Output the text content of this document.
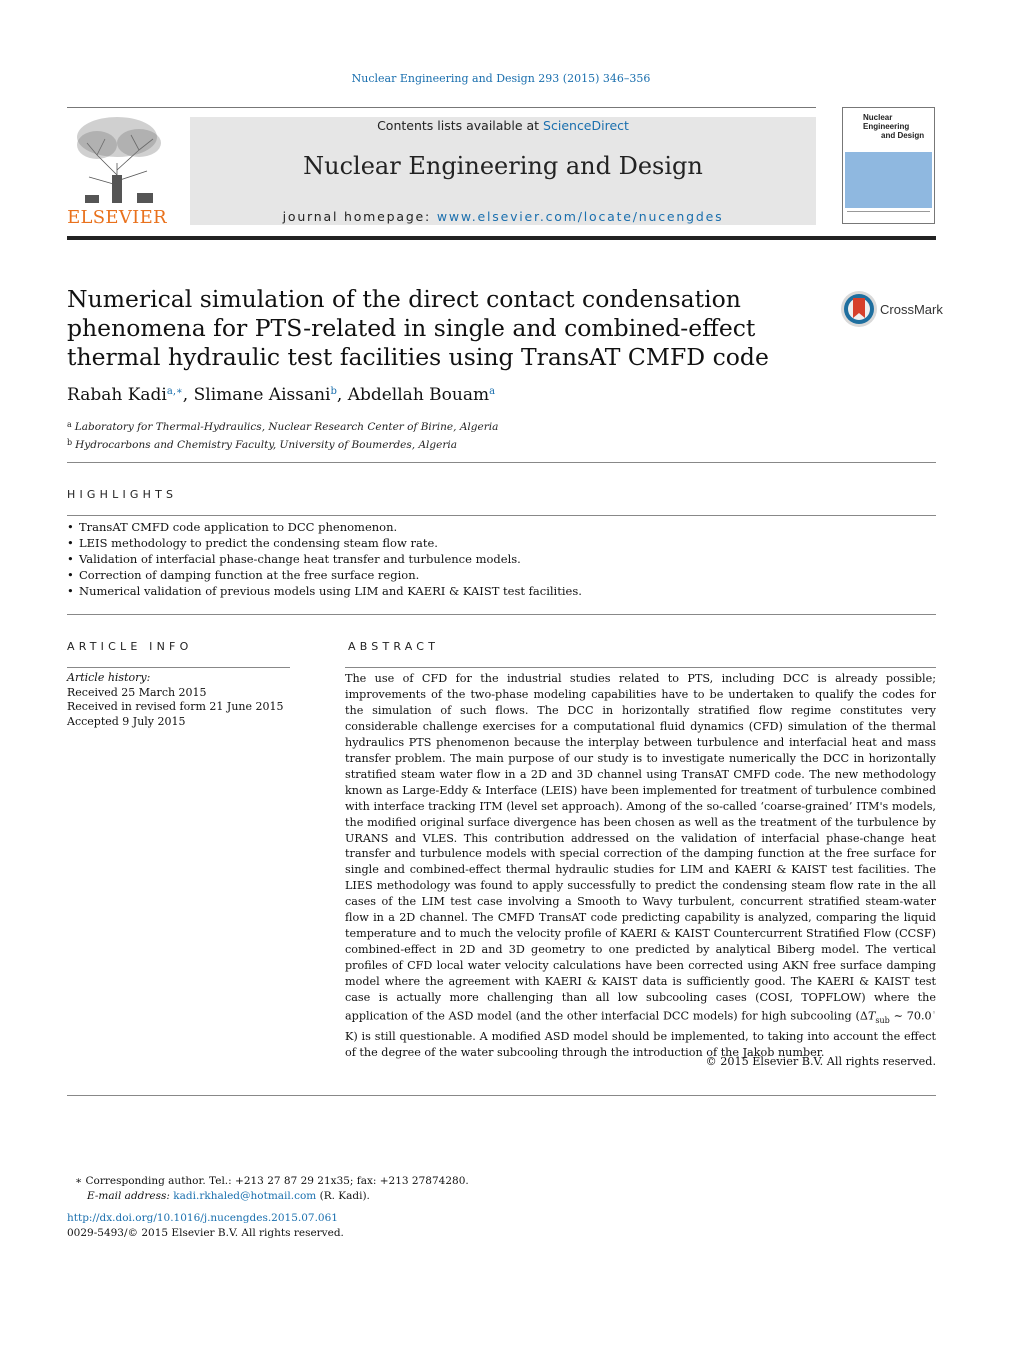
Nuclear Engineering and Design 293 (2015) 346–356
ELSEVIER
Contents lists available at ScienceDirect
Nuclear Engineering and Design
journal homepage: www.elsevier.com/locate/nucengdes
Nuclear Engineering
and Design
Numerical simulation of the direct contact condensation phenomena for PTS-related in single and combined-effect thermal hydraulic test facilities using TransAT CMFD code
CrossMark
Rabah Kadi$^{a,∗}$, Slimane Aissani$^b$, Abdellah Bouam$^a$
$^a$ Laboratory for Thermal-Hydraulics, Nuclear Research Center of Birine, Algeria
$^b$ Hydrocarbons and Chemistry Faculty, University of Boumerdes, Algeria
HIGHLIGHTS
• TransAT CMFD code application to DCC phenomenon.
• LEIS methodology to predict the condensing steam flow rate.
• Validation of interfacial phase-change heat transfer and turbulence models.
• Correction of damping function at the free surface region.
• Numerical validation of previous models using LIM and KAERI & KAIST test facilities.
ARTICLE INFO
Article history:
Received 25 March 2015
Received in revised form 21 June 2015
Accepted 9 July 2015
ABSTRACT

The use of CFD for the industrial studies related to PTS, including DCC is already possible; improvements of the two-phase modeling capabilities have to be undertaken to qualify the codes for the simulation of such flows. The DCC in horizontally stratified flow regime constitutes very considerable challenge exercises for a computational fluid dynamics (CFD) simulation of the thermal hydraulics PTS phenomenon because the interplay between turbulence and interfacial heat and mass transfer problem. The main purpose of our study is to investigate numerically the DCC in horizontally stratified steam water flow in a 2D and 3D channel using TransAT CMFD code. The new methodology known as Large-Eddy & Interface (LEIS) have been implemented for treatment of turbulence combined with interface tracking ITM (level set approach). Among of the so-called ‘coarse-grained’ ITM's models, the modified original surface divergence has been chosen as well as the treatment of the turbulence by URANS and VLES. This contribution addressed on the validation of interfacial phase-change heat transfer and turbulence models with special correction of the damping function at the free surface for single and combined-effect thermal hydraulic studies for LIM and KAERI & KAIST test facilities. The LIES methodology was found to apply successfully to predict the condensing steam flow rate in the all cases of the LIM test case involving a Smooth to Wavy turbulent, concurrent stratified steam-water flow in a 2D channel. The CMFD TransAT code predicting capability is analyzed, comparing the liquid temperature and to much the velocity profile of KAERI & KAIST Countercurrent Stratified Flow (CCSF) combined-effect in 2D and 3D geometry to one predicted by analytical Biberg model. The vertical profiles of CFD local water velocity calculations have been corrected using AKN free surface damping model where the agreement with KAERI & KAIST data is sufficiently good. The KAERI & KAIST test case is actually more challenging than all low subcooling cases (COSI, TOPFLOW) where the application of the ASD model (and the other interfacial DCC models) for high subcooling ($\Delta T_{sub}$ ∼ 70.0◦ K) is still questionable. A modified ASD model should be implemented, to taking into account the effect of the degree of the water subcooling through the introduction of the Jakob number.

© 2015 Elsevier B.V. All rights reserved.
∗ Corresponding author. Tel.: +213 27 87 29 21x35; fax: +213 27874280.
E-mail address: kadi.rkhaled@hotmail.com (R. Kadi).
http://dx.doi.org/10.1016/j.nucengdes.2015.07.061
0029-5493/© 2015 Elsevier B.V. All rights reserved.
